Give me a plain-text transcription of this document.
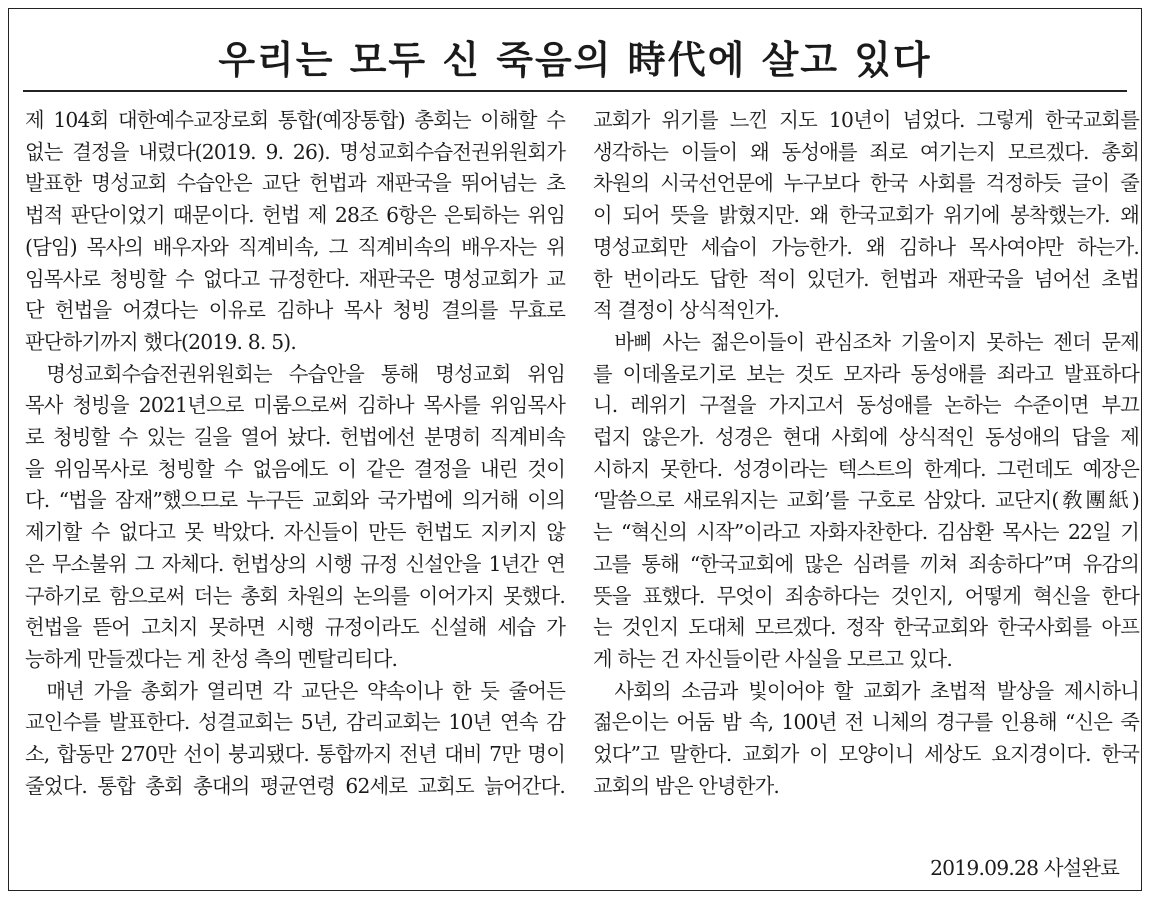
우리는 모두 신 죽음의 時代에 살고 있다
제 104회 대한예수교장로회 통합(예장통합) 총회는 이해할 수
없는 결정을 내렸다(2019. 9. 26). 명성교회수습전권위원회가
발표한 명성교회 수습안은 교단 헌법과 재판국을 뛰어넘는 초
법적 판단이었기 때문이다. 헌법 제 28조 6항은 은퇴하는 위임
(담임) 목사의 배우자와 직계비속, 그 직계비속의 배우자는 위
임목사로 청빙할 수 없다고 규정한다. 재판국은 명성교회가 교
단 헌법을 어겼다는 이유로 김하나 목사 청빙 결의를 무효로
판단하기까지 했다(2019. 8. 5).
명성교회수습전권위원회는 수습안을 통해 명성교회 위임
목사 청빙을 2021년으로 미룸으로써 김하나 목사를 위임목사
로 청빙할 수 있는 길을 열어 놨다. 헌법에선 분명히 직계비속
을 위임목사로 청빙할 수 없음에도 이 같은 결정을 내린 것이
다. “법을 잠재”했으므로 누구든 교회와 국가법에 의거해 이의
제기할 수 없다고 못 박았다. 자신들이 만든 헌법도 지키지 않
은 무소불위 그 자체다. 헌법상의 시행 규정 신설안을 1년간 연
구하기로 함으로써 더는 총회 차원의 논의를 이어가지 못했다.
헌법을 뜯어 고치지 못하면 시행 규정이라도 신설해 세습 가
능하게 만들겠다는 게 찬성 측의 멘탈리티다.
매년 가을 총회가 열리면 각 교단은 약속이나 한 듯 줄어든
교인수를 발표한다. 성결교회는 5년, 감리교회는 10년 연속 감
소, 합동만 270만 선이 붕괴됐다. 통합까지 전년 대비 7만 명이
줄었다. 통합 총회 총대의 평균연령 62세로 교회도 늙어간다.
교회가 위기를 느낀 지도 10년이 넘었다. 그렇게 한국교회를
생각하는 이들이 왜 동성애를 죄로 여기는지 모르겠다. 총회
차원의 시국선언문에 누구보다 한국 사회를 걱정하듯 글이 줄
이 되어 뜻을 밝혔지만. 왜 한국교회가 위기에 봉착했는가. 왜
명성교회만 세습이 가능한가. 왜 김하나 목사여야만 하는가.
한 번이라도 답한 적이 있던가. 헌법과 재판국을 넘어선 초법
적 결정이 상식적인가.
바삐 사는 젊은이들이 관심조차 기울이지 못하는 젠더 문제
를 이데올로기로 보는 것도 모자라 동성애를 죄라고 발표하다
니. 레위기 구절을 가지고서 동성애를 논하는 수준이면 부끄
럽지 않은가. 성경은 현대 사회에 상식적인 동성애의 답을 제
시하지 못한다. 성경이라는 텍스트의 한계다. 그런데도 예장은
‘말씀으로 새로워지는 교회’를 구호로 삼았다. 교단지(敎團紙)
는 “혁신의 시작”이라고 자화자찬한다. 김삼환 목사는 22일 기
고를 통해 “한국교회에 많은 심려를 끼쳐 죄송하다”며 유감의
뜻을 표했다. 무엇이 죄송하다는 것인지, 어떻게 혁신을 한다
는 것인지 도대체 모르겠다. 정작 한국교회와 한국사회를 아프
게 하는 건 자신들이란 사실을 모르고 있다.
사회의 소금과 빛이어야 할 교회가 초법적 발상을 제시하니
젊은이는 어둠 밤 속, 100년 전 니체의 경구를 인용해 “신은 죽
었다”고 말한다. 교회가 이 모양이니 세상도 요지경이다. 한국
교회의 밤은 안녕한가.
2019.09.28 사설완료
